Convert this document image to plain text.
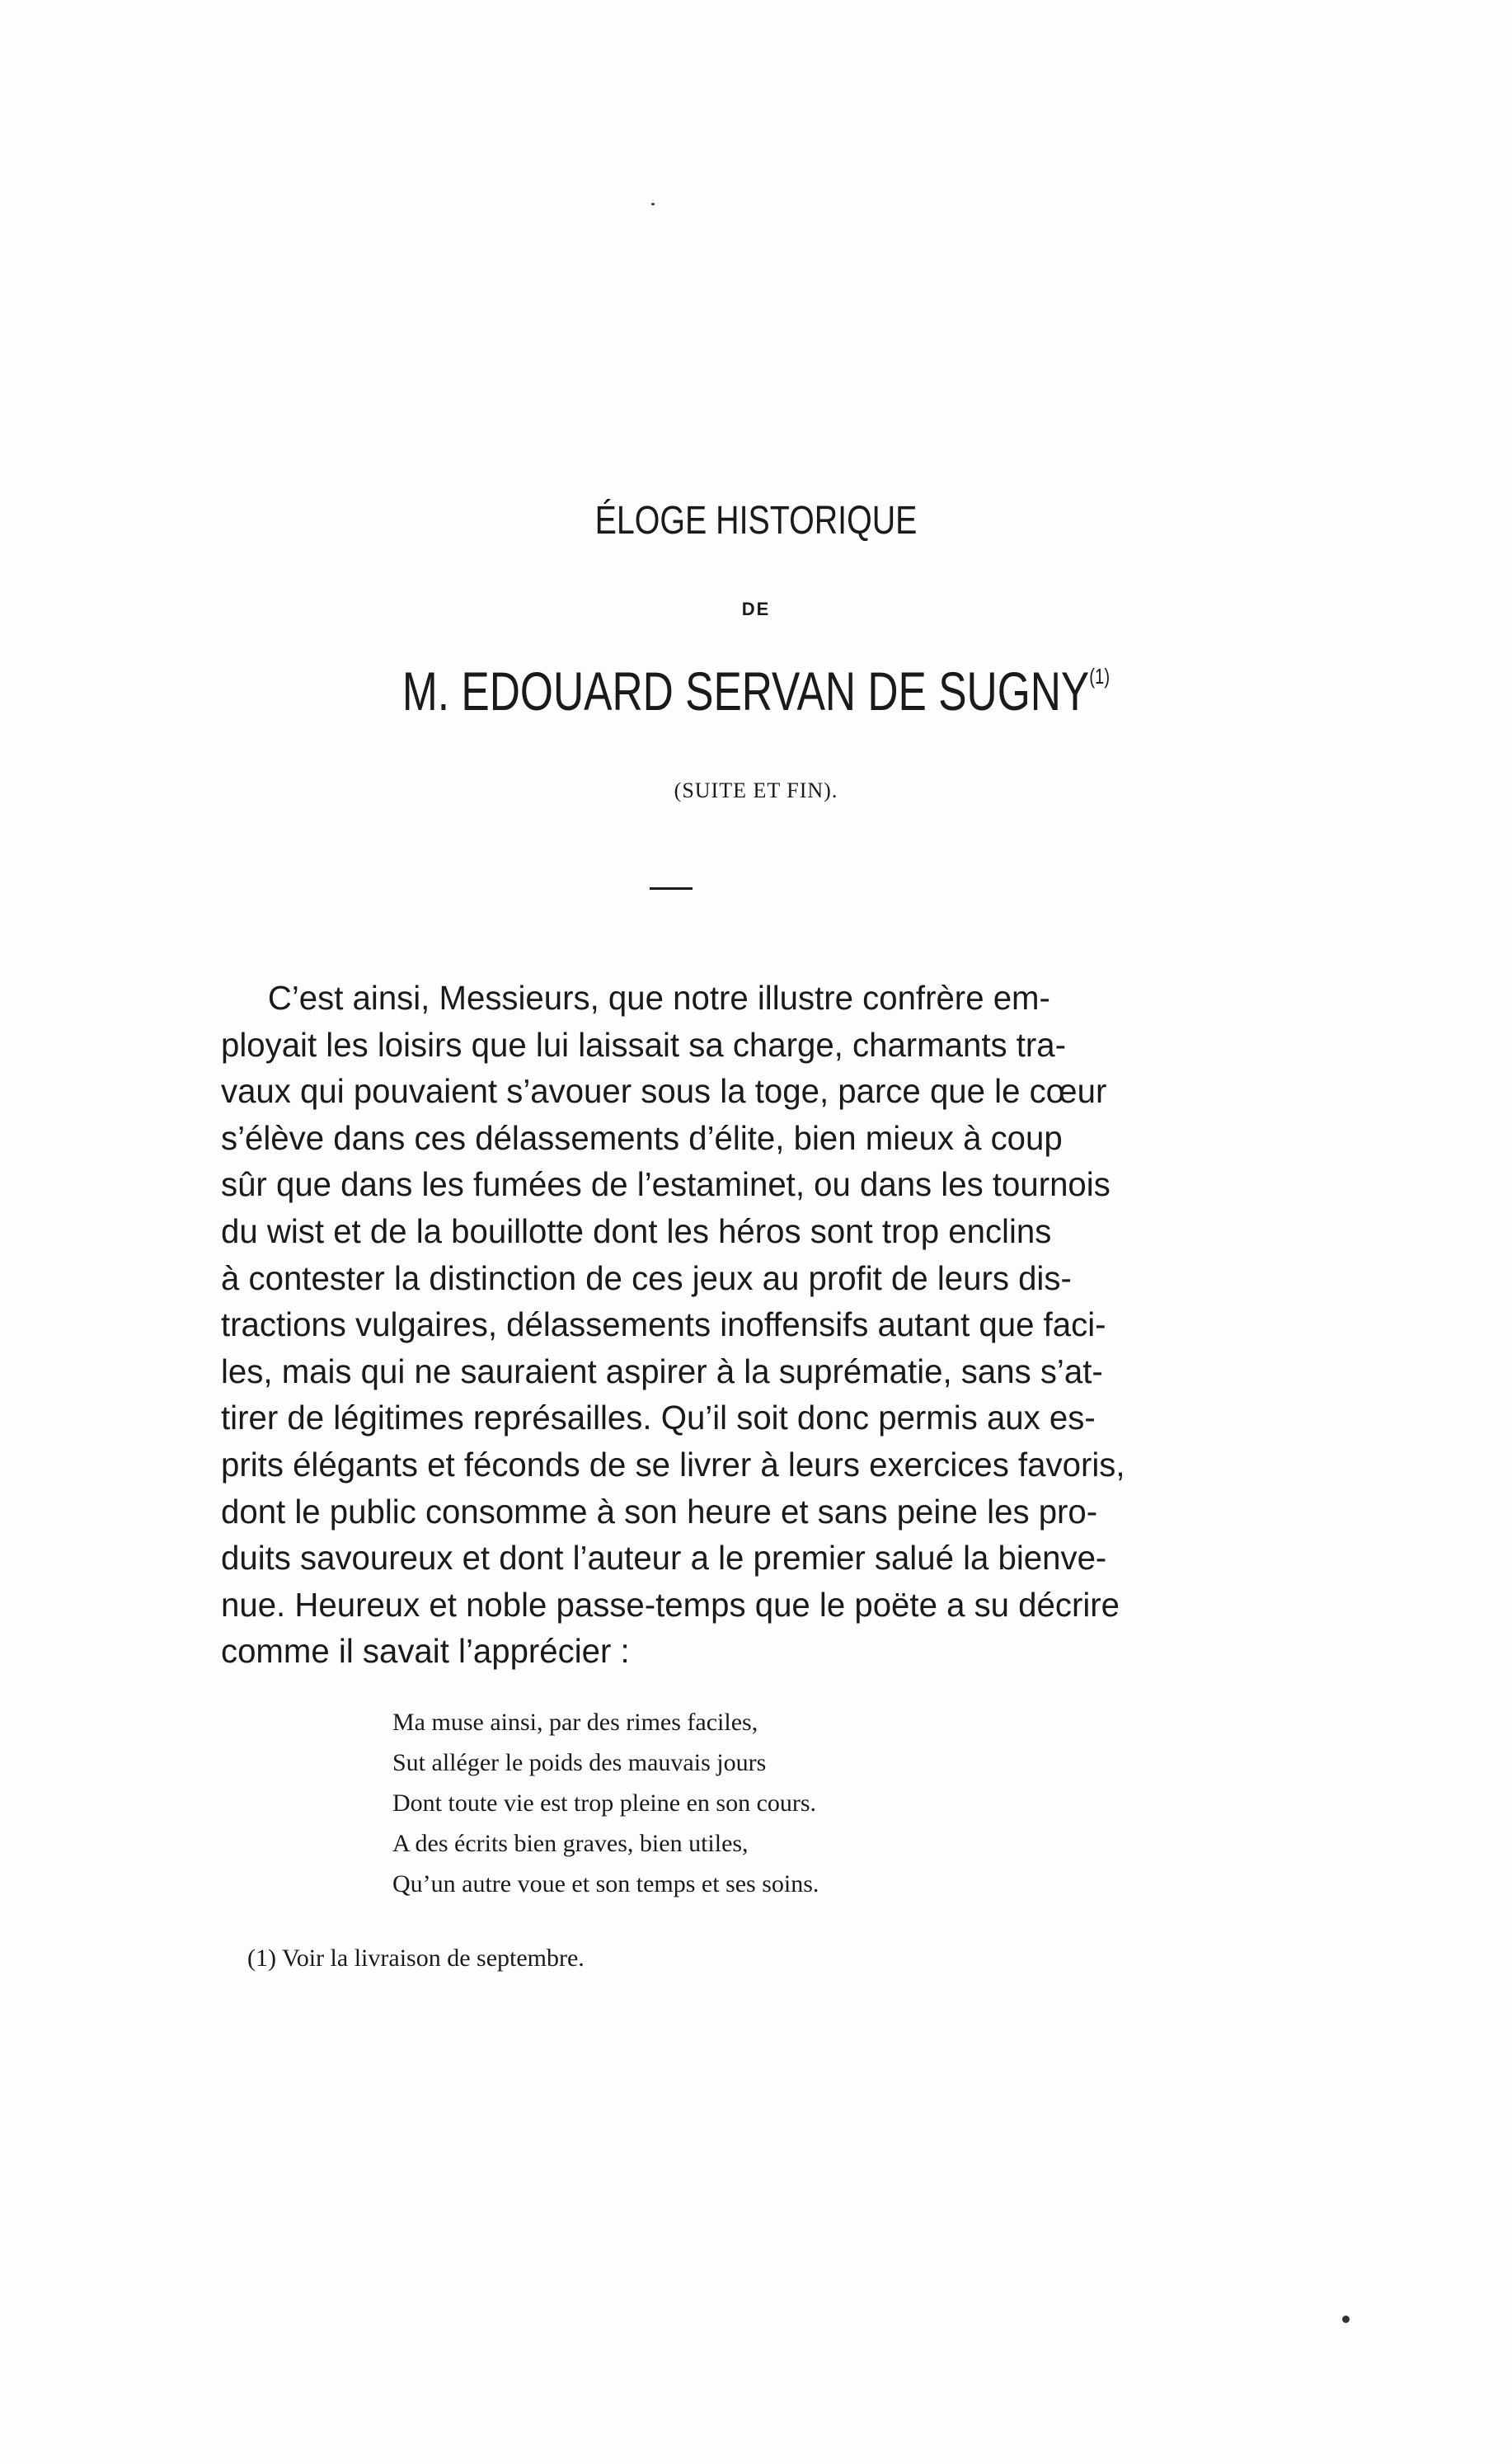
ÉLOGE HISTORIQUE
DE
M. EDOUARD SERVAN DE SUGNY$^{(1)}$
(SUITE ET FIN).
C’est ainsi, Messieurs, que notre illustre confrère em-
ployait les loisirs que lui laissait sa charge, charmants tra-
vaux qui pouvaient s’avouer sous la toge, parce que le cœur
s’élève dans ces délassements d’élite, bien mieux à coup
sûr que dans les fumées de l’estaminet, ou dans les tournois
du wist et de la bouillotte dont les héros sont trop enclins
à contester la distinction de ces jeux au profit de leurs dis-
tractions vulgaires, délassements inoffensifs autant que faci-
les, mais qui ne sauraient aspirer à la suprématie, sans s’at-
tirer de légitimes représailles. Qu’il soit donc permis aux es-
prits élégants et féconds de se livrer à leurs exercices favoris,
dont le public consomme à son heure et sans peine les pro-
duits savoureux et dont l’auteur a le premier salué la bienve-
nue. Heureux et noble passe-temps que le poëte a su décrire
comme il savait l’apprécier :
Ma muse ainsi, par des rimes faciles,
Sut alléger le poids des mauvais jours
Dont toute vie est trop pleine en son cours.
A des écrits bien graves, bien utiles,
Qu’un autre voue et son temps et ses soins.
(1) Voir la livraison de septembre.
